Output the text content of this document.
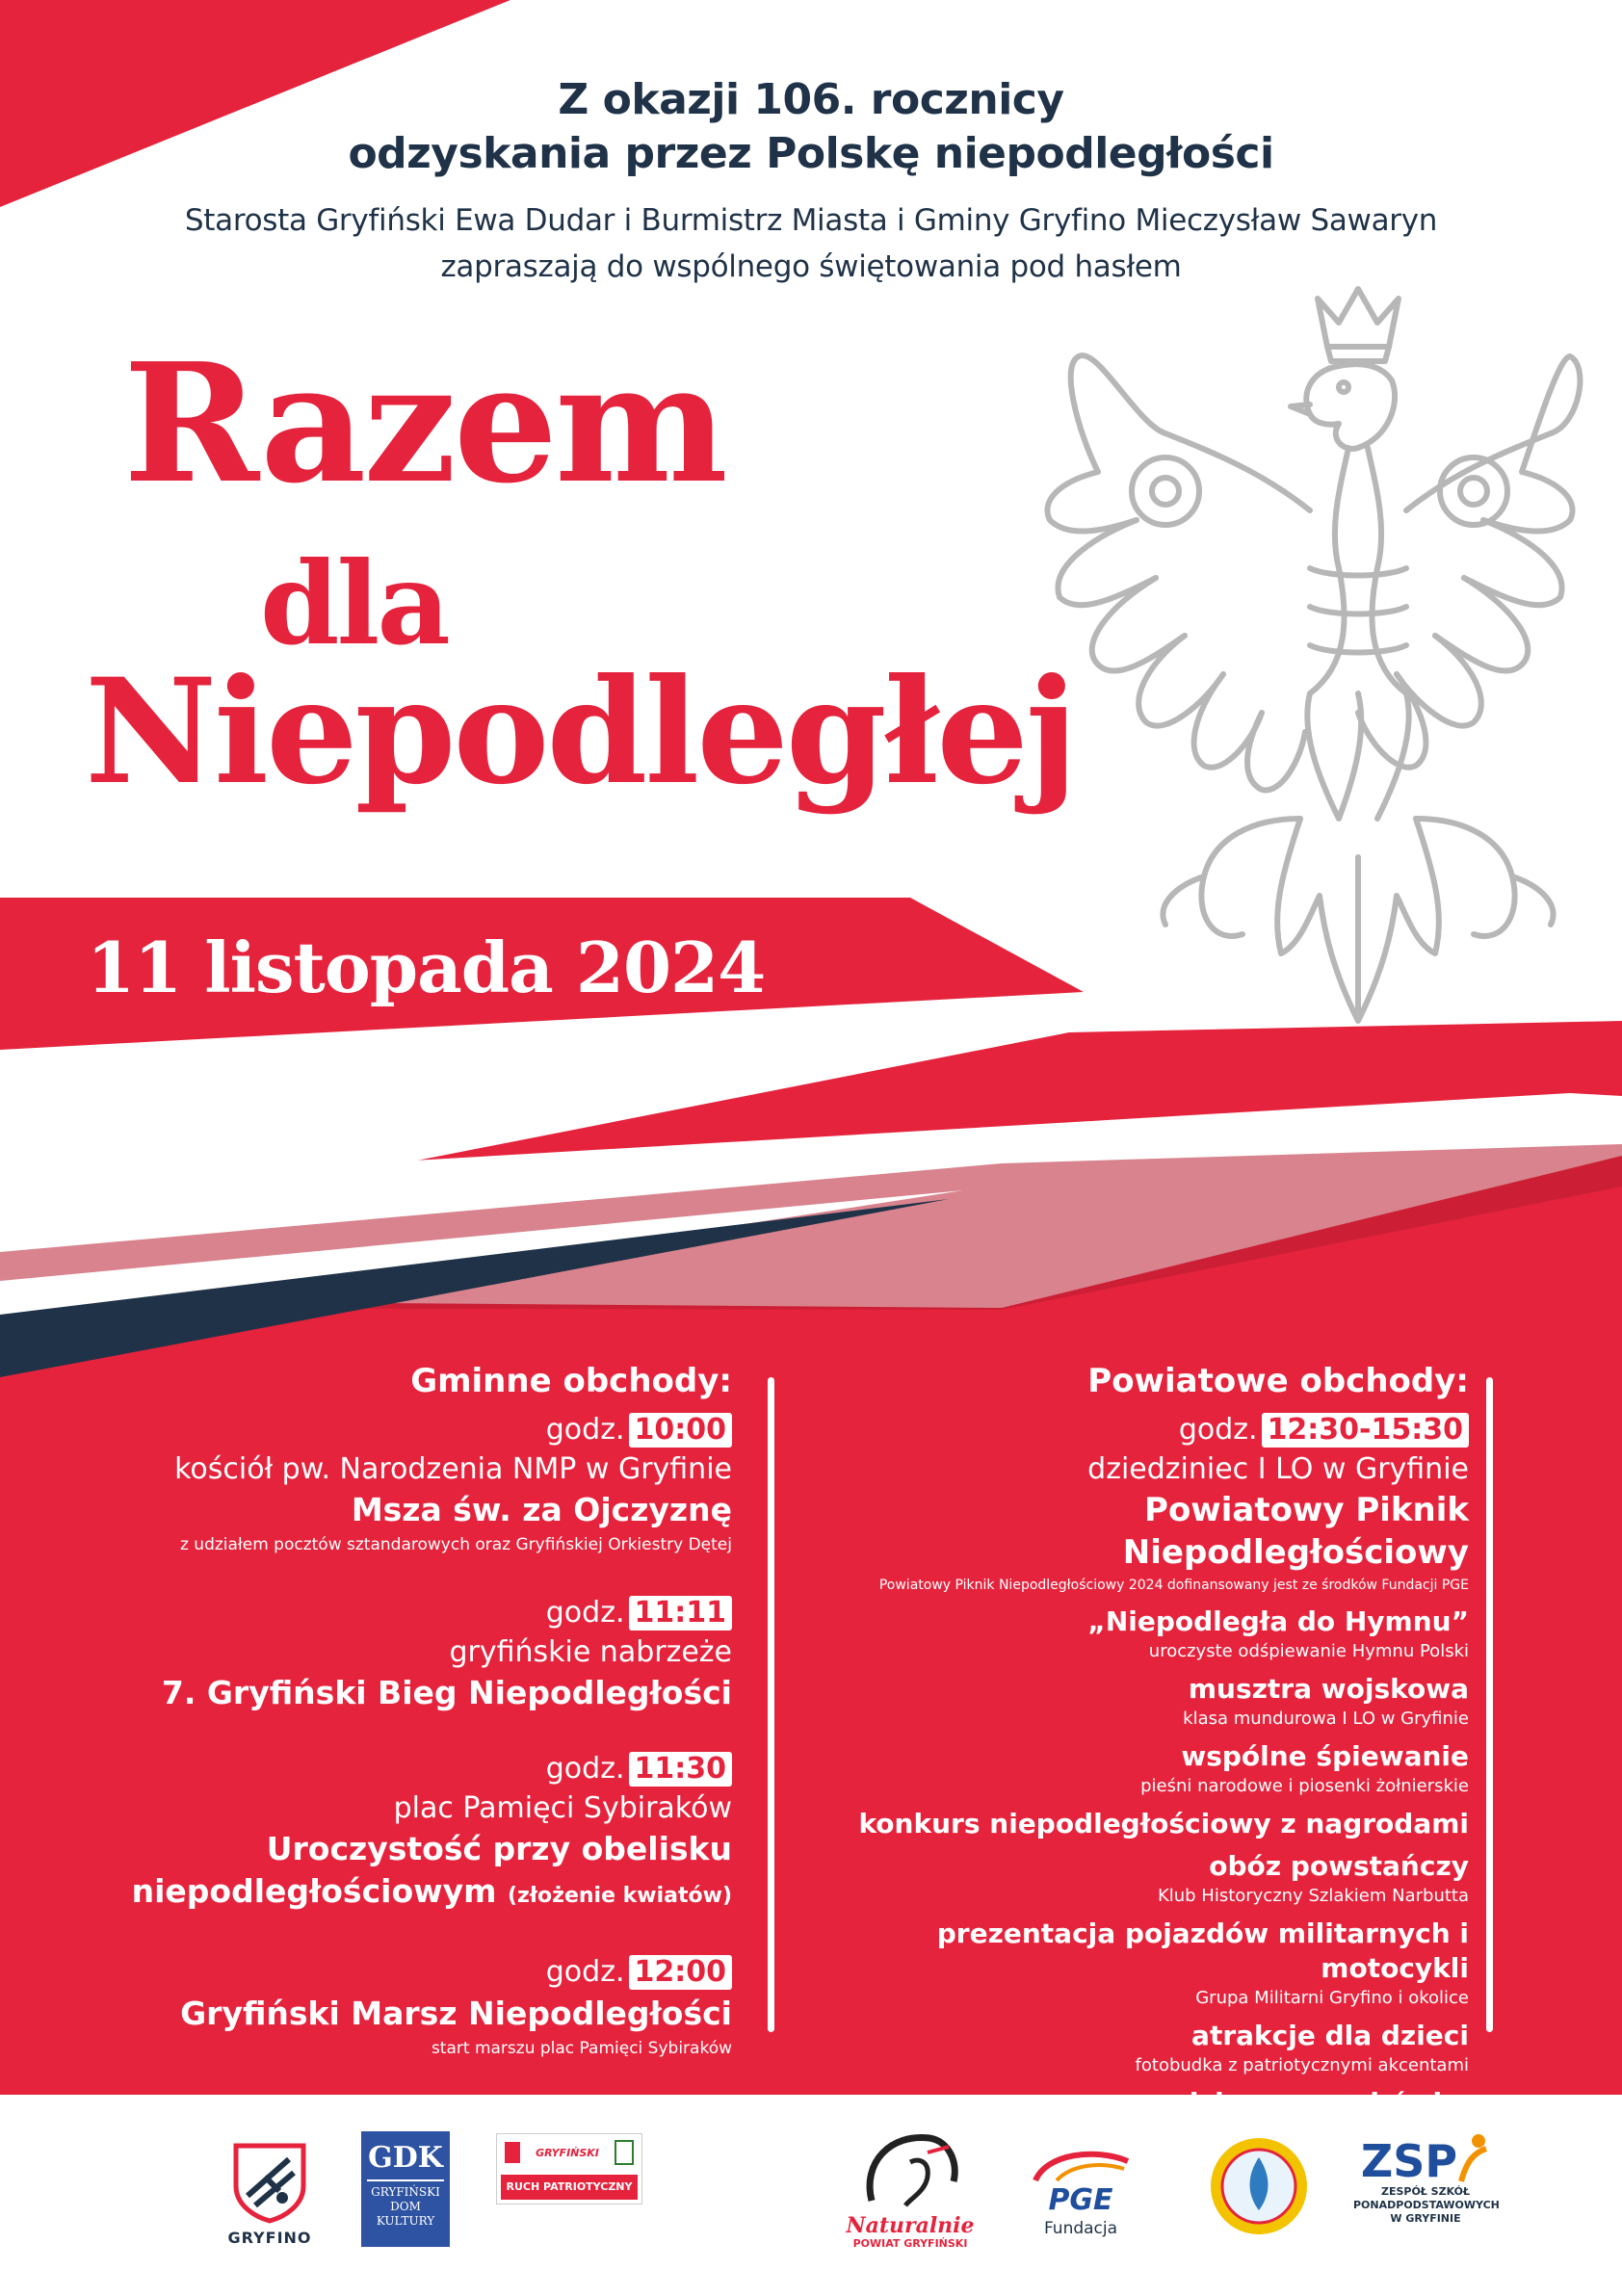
Z okazji 106. rocznicy
odzyskania przez Polskę niepodległości
Starosta Gryfiński Ewa Dudar i Burmistrz Miasta i Gminy Gryfino Mieczysław Sawaryn
zapraszają do wspólnego świętowania pod hasłem
Razem
dla
Niepodległej
11 listopada 2024
Gminne obchody:
godz. 10:00
kościół pw. Narodzenia NMP w Gryfinie
Msza św. za Ojczyznę
z udziałem pocztów sztandarowych oraz Gryfińskiej Orkiestry Dętej
godz. 11:11
gryfińskie nabrzeże
7. Gryfiński Bieg Niepodległości
godz. 11:30
plac Pamięci Sybiraków
Uroczystość przy obelisku
niepodległościowym (złożenie kwiatów)
godz. 12:00
Gryfiński Marsz Niepodległości
start marszu plac Pamięci Sybiraków
Powiatowe obchody:
godz. 12:30-15:30
dziedziniec I LO w Gryfinie
Powiatowy Piknik Niepodległościowy
Powiatowy Piknik Niepodległościowy 2024 dofinansowany jest ze środków Fundacji PGE
„Niepodległa do Hymnu”
uroczyste odśpiewanie Hymnu Polski
musztra wojskowa
klasa mundurowa I LO w Gryfinie
wspólne śpiewanie
pieśni narodowe i piosenki żołnierskie
konkurs niepodległościowy z nagrodami
obóz powstańczy
Klub Historyczny Szlakiem Narbutta
prezentacja pojazdów militarnych i motocykli
Grupa Militarni Gryfino i okolice
atrakcje dla dzieci
fotobudka z patriotycznymi akcentami
wojskowa grochówka
GRYFINO
GDK
GRYFIŃSKI DOM KULTURY
GRYFIŃSKI
RUCH PATRIOTYCZNY
Naturalnie
POWIAT GRYFIŃSKI
PGE
Fundacja
ZSP
ZESPÓŁ SZKÓŁ PONADPODSTAWOWYCH W GRYFINIE
